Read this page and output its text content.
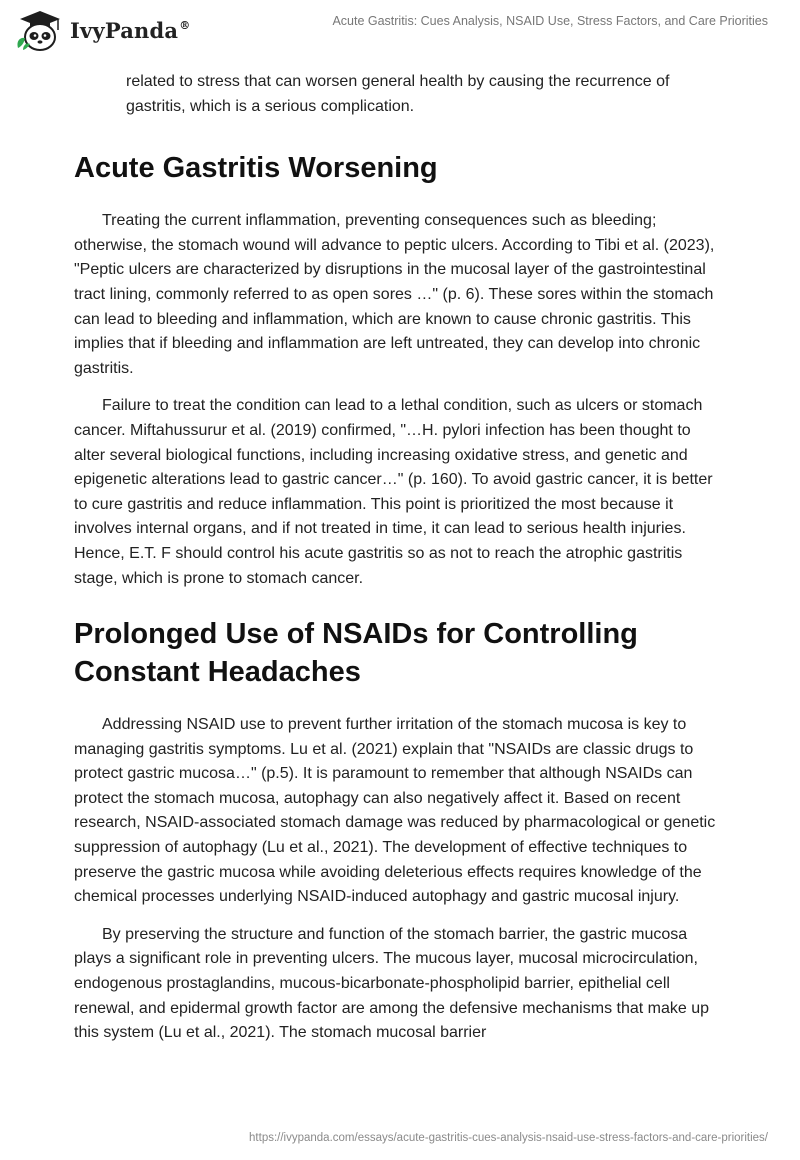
IvyPanda®	Acute Gastritis: Cues Analysis, NSAID Use, Stress Factors, and Care Priorities

related to stress that can worsen general health by causing the recurrence of gastritis, which is a serious complication.

Acute Gastritis Worsening

Treating the current inflammation, preventing consequences such as bleeding; otherwise, the stomach wound will advance to peptic ulcers. According to Tibi et al. (2023), "Peptic ulcers are characterized by disruptions in the mucosal layer of the gastrointestinal tract lining, commonly referred to as open sores …" (p. 6). These sores within the stomach can lead to bleeding and inflammation, which are known to cause chronic gastritis. This implies that if bleeding and inflammation are left untreated, they can develop into chronic gastritis.

Failure to treat the condition can lead to a lethal condition, such as ulcers or stomach cancer. Miftahussurur et al. (2019) confirmed, "…H. pylori infection has been thought to alter several biological functions, including increasing oxidative stress, and genetic and epigenetic alterations lead to gastric cancer…" (p. 160). To avoid gastric cancer, it is better to cure gastritis and reduce inflammation. This point is prioritized the most because it involves internal organs, and if not treated in time, it can lead to serious health injuries. Hence, E.T. F should control his acute gastritis so as not to reach the atrophic gastritis stage, which is prone to stomach cancer.

Prolonged Use of NSAIDs for Controlling Constant Headaches

Addressing NSAID use to prevent further irritation of the stomach mucosa is key to managing gastritis symptoms. Lu et al. (2021) explain that "NSAIDs are classic drugs to protect gastric mucosa…" (p.5). It is paramount to remember that although NSAIDs can protect the stomach mucosa, autophagy can also negatively affect it. Based on recent research, NSAID-associated stomach damage was reduced by pharmacological or genetic suppression of autophagy (Lu et al., 2021). The development of effective techniques to preserve the gastric mucosa while avoiding deleterious effects requires knowledge of the chemical processes underlying NSAID-induced autophagy and gastric mucosal injury.

By preserving the structure and function of the stomach barrier, the gastric mucosa plays a significant role in preventing ulcers. The mucous layer, mucosal microcirculation, endogenous prostaglandins, mucous-bicarbonate-phospholipid barrier, epithelial cell renewal, and epidermal growth factor are among the defensive mechanisms that make up this system (Lu et al., 2021). The stomach mucosal barrier

https://ivypanda.com/essays/acute-gastritis-cues-analysis-nsaid-use-stress-factors-and-care-priorities/
